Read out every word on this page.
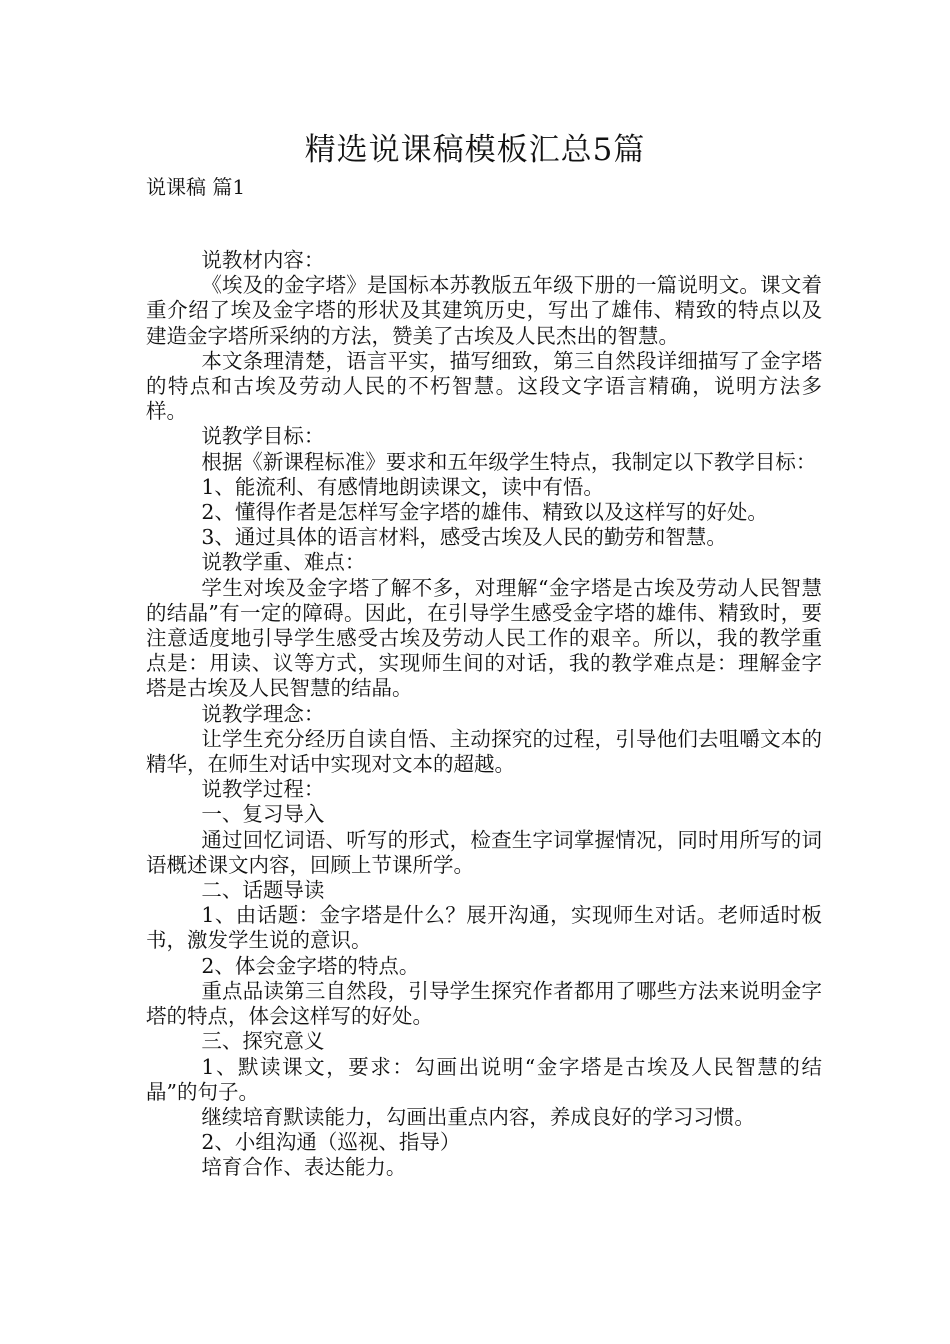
精选说课稿模板汇总5篇
说课稿 篇1

说教材内容：

《埃及的金字塔》是国标本苏教版五年级下册的一篇说明文。课文着重介绍了埃及金字塔的形状及其建筑历史，写出了雄伟、精致的特点以及建造金字塔所采纳的方法，赞美了古埃及人民杰出的智慧。

本文条理清楚，语言平实，描写细致，第三自然段详细描写了金字塔的特点和古埃及劳动人民的不朽智慧。这段文字语言精确，说明方法多样。

说教学目标：

根据《新课程标准》要求和五年级学生特点，我制定以下教学目标：

1、能流利、有感情地朗读课文，读中有悟。

2、懂得作者是怎样写金字塔的雄伟、精致以及这样写的好处。

3、通过具体的语言材料，感受古埃及人民的勤劳和智慧。

说教学重、难点：

学生对埃及金字塔了解不多，对理解“金字塔是古埃及劳动人民智慧的结晶”有一定的障碍。因此，在引导学生感受金字塔的雄伟、精致时，要注意适度地引导学生感受古埃及劳动人民工作的艰辛。所以，我的教学重点是：用读、议等方式，实现师生间的对话，我的教学难点是：理解金字塔是古埃及人民智慧的结晶。

说教学理念：

让学生充分经历自读自悟、主动探究的过程，引导他们去咀嚼文本的精华，在师生对话中实现对文本的超越。

说教学过程：

一、复习导入

通过回忆词语、听写的形式，检查生字词掌握情况，同时用所写的词语概述课文内容，回顾上节课所学。

二、话题导读

1、由话题：金字塔是什么？展开沟通，实现师生对话。老师适时板书，激发学生说的意识。

2、体会金字塔的特点。

重点品读第三自然段，引导学生探究作者都用了哪些方法来说明金字塔的特点，体会这样写的好处。

三、探究意义

1、默读课文，要求：勾画出说明“金字塔是古埃及人民智慧的结晶”的句子。

继续培育默读能力，勾画出重点内容，养成良好的学习习惯。

2、小组沟通（巡视、指导）

培育合作、表达能力。
